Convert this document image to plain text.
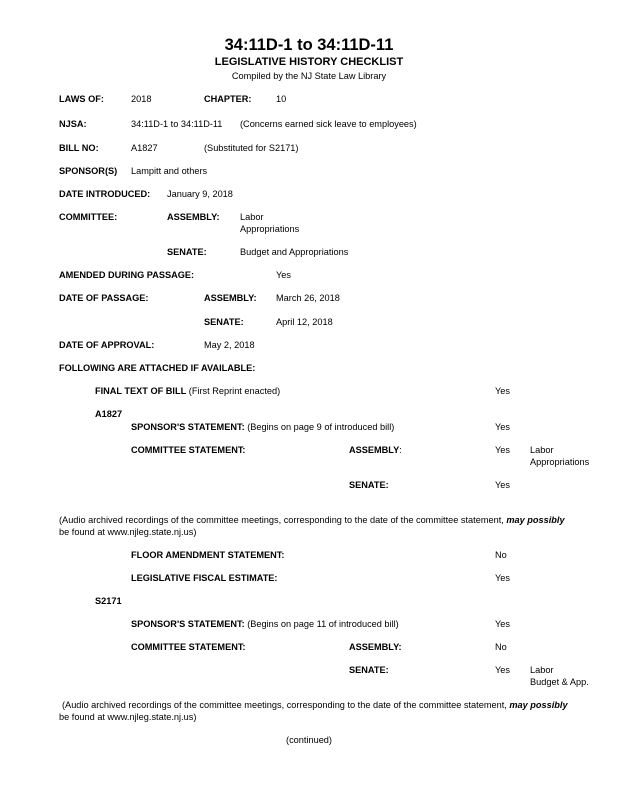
34:11D-1 to 34:11D-11
LEGISLATIVE HISTORY CHECKLIST
Compiled by the NJ State Law Library
LAWS OF:	2018	CHAPTER:	10
NJSA:	34:11D-1 to 34:11D-11 (Concerns earned sick leave to employees)
BILL NO:	A1827	(Substituted for S2171)
SPONSOR(S) Lampitt and others
DATE INTRODUCED: January 9, 2018
COMMITTEE:	ASSEMBLY: Labor
Appropriations
SENATE:	Budget and Appropriations
AMENDED DURING PASSAGE:	Yes
DATE OF PASSAGE:	ASSEMBLY: March 26, 2018
SENATE:	April 12, 2018
DATE OF APPROVAL:	May 2, 2018
FOLLOWING ARE ATTACHED IF AVAILABLE:
FINAL TEXT OF BILL (First Reprint enacted)	Yes
A1827
SPONSOR'S STATEMENT: (Begins on page 9 of introduced bill)	Yes
COMMITTEE STATEMENT:	ASSEMBLY:	Yes Labor
Appropriations
SENATE:	Yes
(Audio archived recordings of the committee meetings, corresponding to the date of the committee statement, may possibly
be found at www.njleg.state.nj.us)
FLOOR AMENDMENT STATEMENT:	No
LEGISLATIVE FISCAL ESTIMATE:	Yes
S2171
SPONSOR'S STATEMENT: (Begins on page 11 of introduced bill)	Yes
COMMITTEE STATEMENT:	ASSEMBLY:	No
SENATE:	Yes Labor
Budget & App.
(Audio archived recordings of the committee meetings, corresponding to the date of the committee statement, may possibly
be found at www.njleg.state.nj.us)
(continued)
